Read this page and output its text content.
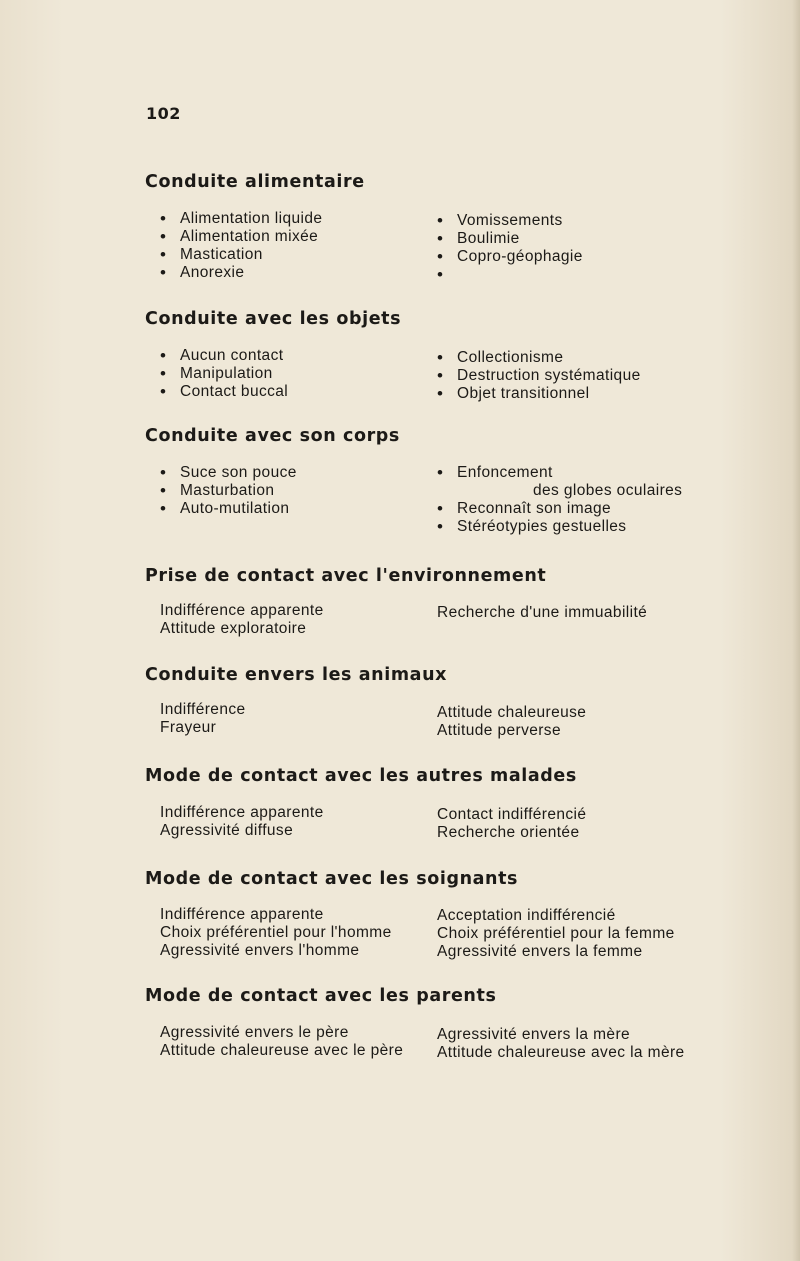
102
Conduite alimentaire
• Alimentation liquide
• Alimentation mixée
• Mastication
• Anorexie
• Vomissements
• Boulimie
• Copro-géophagie
Conduite avec les objets
• Aucun contact
• Manipulation
• Contact buccal
• Collectionisme
• Destruction systématique
• Objet transitionnel
Conduite avec son corps
• Suce son pouce
• Masturbation
• Auto-mutilation
• Enfoncement
des globes oculaires
• Reconnaît son image
• Stéréotypies gestuelles
Prise de contact avec l'environnement
Indifférence apparente
Attitude exploratoire
Recherche d'une immuabilité
Conduite envers les animaux
Indifférence
Frayeur
Attitude chaleureuse
Attitude perverse
Mode de contact avec les autres malades
Indifférence apparente
Agressivité diffuse
Contact indifférencié
Recherche orientée
Mode de contact avec les soignants
Indifférence apparente
Choix préférentiel pour l'homme
Agressivité envers l'homme
Acceptation indifférencié
Choix préférentiel pour la femme
Agressivité envers la femme
Mode de contact avec les parents
Agressivité envers le père
Attitude chaleureuse avec le père
Agressivité envers la mère
Attitude chaleureuse avec la mère
